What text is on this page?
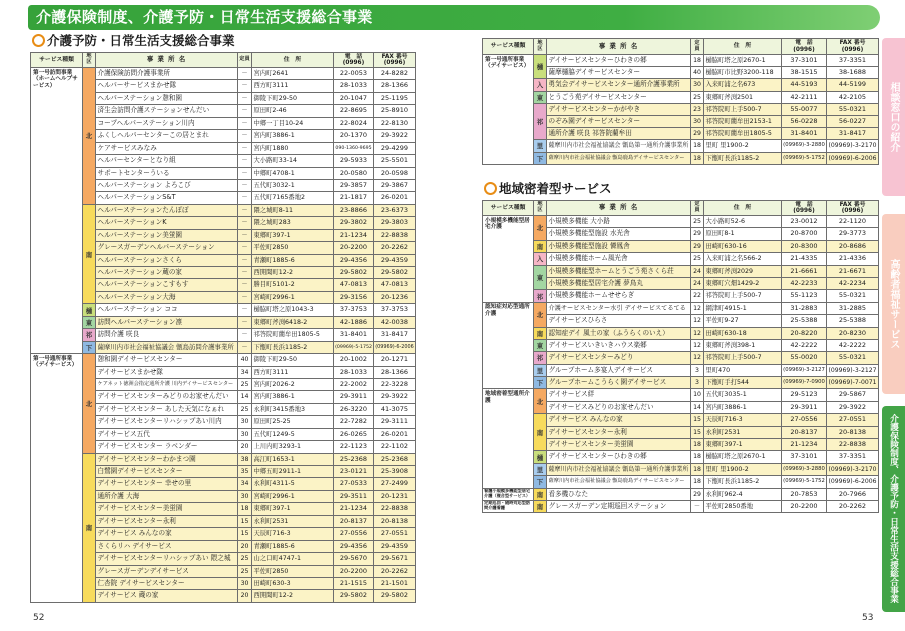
介護保険制度、介護予防・日常生活支援総合事業
介護予防・日常生活支援総合事業
サービス種類
地区	事 業 所 名	定員	住　所
電　話
(0996)
FAX 番号
(0996)
第一号訪問事業（ホームヘルプサービス）
北
介護保険訪問介護事業所	－ 宮内町2641	22-0053	24-8282
ヘルパーサービスまかせ隊	－ 西方町3111	28-1033	28-1366
ヘルパーステーション憩和園	－ 御陵下町29-50	20-1047	25-1195
済生会訪問介護ステーションせんだい	－ 原田町2-46	22-8695	25-8910
コープヘルパーステーション川内	－ 中郷一丁目10-24	22-8024	22-8130
ふくしヘルパーセンターこの居とまれ	－ 宮内町3886-1	20-1370	29-3922
ケアサービスみなみ	－ 宮内町1880	090-1360-9695	29-4299
ヘルパーセンターとなり組	－ 大小路町33-14	29-5933	25-5501
サポートセンターういる	－ 中郷町4708-1	20-0580	20-0598
ヘルパーステーション よろこび	－ 五代町3032-1	29-3857	29-3867
ヘルパーステーションS&T	－ 五代町7165番地2	21-1817	26-0201
南
ヘルパーステーションたんぽぽ	－ 隈之城町8-11	23-8866	23-6373
ヘルパーステーションK	－ 隈之城町283	29-3802	29-3803
ヘルパーステーション美蛍園	－ 東郷町397-1	21-1234	22-8838
グレースガーデンヘルパーステーション	－ 平佐町2850	20-2200	20-2262
ヘルパーステーションさくら	－ 青瀬町1885-6	29-4356	29-4359
ヘルパーステーション蔵の家	－ 西開聞町12-2	29-5802	29-5802
ヘルパーステーションこすもす	－ 勝目町5101-2	47-0813	47-0813
ヘルパーステーション大海	－ 宮崎町2996-1	29-3156	20-1236
樋 ヘルパーステーション ココ	－ 樋脇町塔之原1043-3	37-3753	37-3753
東 訪問ヘルパーステーション凛	－ 東郷町斧渕6418-2	42-1886	42-0038
祁 訪問介護 咲良	－ 祁答院町藺牟田1805-5	31-8401	31-8417
下 薩摩川内市社会福祉協議会 甑島訪問介護事業所	－ 下甑町長浜1185-2	(09969)-5-1752 (09969)-6-2006
第一号通所事業（デイサービス）
北
憩和園デイサービスセンター	40 御陵下町29-50	20-1002	20-1271
デイサービスまかせ隊	34 西方町3111	28-1033	28-1366
ケアネット徳洲会指定通所介護 川内デイサービスセンター	25 宮内町2026-2	22-2002	22-3228
デイサービスセンターみどりのお家せんだい	14 宮内町3886-1	29-3911	29-3922
デイサービスセンター あした天気になぁれ	25 永利町3415番地3	26-3220	41-3075
デイサービスセンターリハシップあい川内	30 原田町25-25	22-7282	29-3111
デイサービス五代	30 五代町1249-5	26-0265	26-0201
デイサービスセンター ラベンダー	20 上川内町3293-1	22-1123	22-1102
南
デイサービスセンターわかまつ園	38 高江町1653-1	25-2368	25-2368
白鷺園デイサービスセンター	35 中郷五町2911-1	23-0121	25-3908
デイサービスセンター 幸せの里	34 永利町4311-5	27-0533	27-2499
通所介護 大海	30 宮崎町2996-1	29-3511	20-1231
デイサービスセンター美蛍園	18 東郷町397-1	21-1234	22-8838
デイサービスセンター永利	15 永利町2531	20-8137	20-8138
デイサービス みんなの家	15 天辰町716-3	27-0556	27-0551
さくらリハ デイサービス	20 青瀬町1885-6	29-4356	29-4359
デイサービスセンターリハシップあい 隈之城	25 山之口町4747-1	29-5670	29-5671
グレースガーデンデイサービス	25 平佐町2850	20-2200	20-2262
仁杏院 デイサービスセンター	30 田崎町630-3	21-1515	21-1501
デイサービス 蔵の家	20 西開聞町12-2	29-5802	29-5802
サービス種類
地区	事 業 所 名	定員	住　所
電　話
(0996)
FAX 番号
(0996)
第一号通所事業（デイサービス）	樋
デイサービスセンターひわきの郷	18 樋脇町塔之原2670-1	37-3101	37-3351
薩摩樋脇デイサービスセンター	40 樋脇町市比野3200-118	38-1515	38-1688
入 勇気会デイサービスセンター通所介護事業所	30 入来町浦之名673	44-5193	44-5199
東 とうごう苑デイサービスセンター	25 東郷町斧渕2501	42-2111	42-2105
祁
デイサービスセンターかがやき	23 祁答院町上手500-7	55-0077	55-0321
のぞみ園デイサービスセンター	30 祁答院町藺牟田2153-1	56-0228	56-0227
通所介護 咲良 祁答院藺牟田	29 祁答院町藺牟田1805-5	31-8401	31-8417
里 薩摩川内市社会福祉協議会 甑島第一通所介護事業所 18 里町 里1900-2	(09969)-3-2880 (09969)-3-2170
下	薩摩川内市社会福祉協議会 甑島鹿島デイサービスセンター	18 下甑町長浜1185-2	(09969)-5-1752 (09969)-6-2006
地域密着型サービス
サービス種類
地区	事 業 所 名	定員	住　所
電　話
(0996)
FAX 番号
(0996)
小規模多機能型居宅介護	北
小規模多機能 大小路	25 大小路町52-6	23-0012	22-1120
小規模多機能型施設 水光舎	29 原田町8-1	20-8700	29-3773
南 小規模多機能型施設 憐鳳舎	29 田崎町630-16	20-8300	20-8686
入 小規模多機能ホーム風光舎	25 入来町浦之名566-2	21-4335	21-4336
東
小規模多機能型ホームとうごう苑さくら荘	24 東郷町斧渕2029	21-6661	21-6671
小規模多機能型居宅介護 夢鳥丸	24 東郷町穴畑1429-2	42-2233	42-2234
祁 小規模多機能ホームせせらぎ	22 祁答院町上手500-7	55-1123	55-0321
認知症対応型通所介護	北
介護サービスセンター水引 デイサービスてるてる	12 網津町4915-1	31-2883	31-2885
デイサービスひらさ	12 平佐町9-27	25-5388	25-5388
南 認知症デイ 風土の家（ふうらくのいえ）	12 田崎町630-18	20-8220	20-8230
東 デイサービスいきいきハウス楽郷	12 東郷町斧渕398-1	42-2222	42-2222
祁 デイサービスセンターみどり	12 祁答院町上手500-7	55-0020	55-0321
里 グループホーム多宴人デイサービス	3	里町470	(09969)-3-2127 (09969)-3-2127
下 グループホームこうらく園デイサービス	3	下甑町手打544	(09969)-7-0900 (09969)-7-0071
地域密着型通所介護	北
デイサービス絆	10 五代町3035-1	29-5123	29-5867
デイサービスみどりのお家せんだい	14 宮内町3886-1	29-3911	29-3922
南
デイサービス みんなの家	15 天辰町716-3	27-0556	27-0551
デイサービスセンター永利	15 永利町2531	20-8137	20-8138
デイサービスセンター美蛍園	18 東郷町397-1	21-1234	22-8838
樋 デイサービスセンターひわきの郷	18 樋脇町塔之原2670-1	37-3101	37-3351
里 薩摩川内市社会福祉協議会 甑島第一通所介護事業所 18 里町 里1900-2	(09969)-3-2880 (09969)-3-2170
下	薩摩川内市社会福祉協議会 甑島鹿島デイサービスセンター	18 下甑町長浜1185-2	(09969)-5-1752 (09969)-6-2006
看護小規模多機能型居宅介護（複合型サービス）	南 看多機ひなた	29 永利町962-4	20-7853	20-7966
定期巡回・随時対応型訪問介護看護	南 グレースガーデン定期巡回ステーション	－ 平佐町2850番地	20-2200	20-2262
相談窓口の紹介
高齢者福祉サービス
介護保険制度、介護予防・日常生活支援総合事業
52	53
